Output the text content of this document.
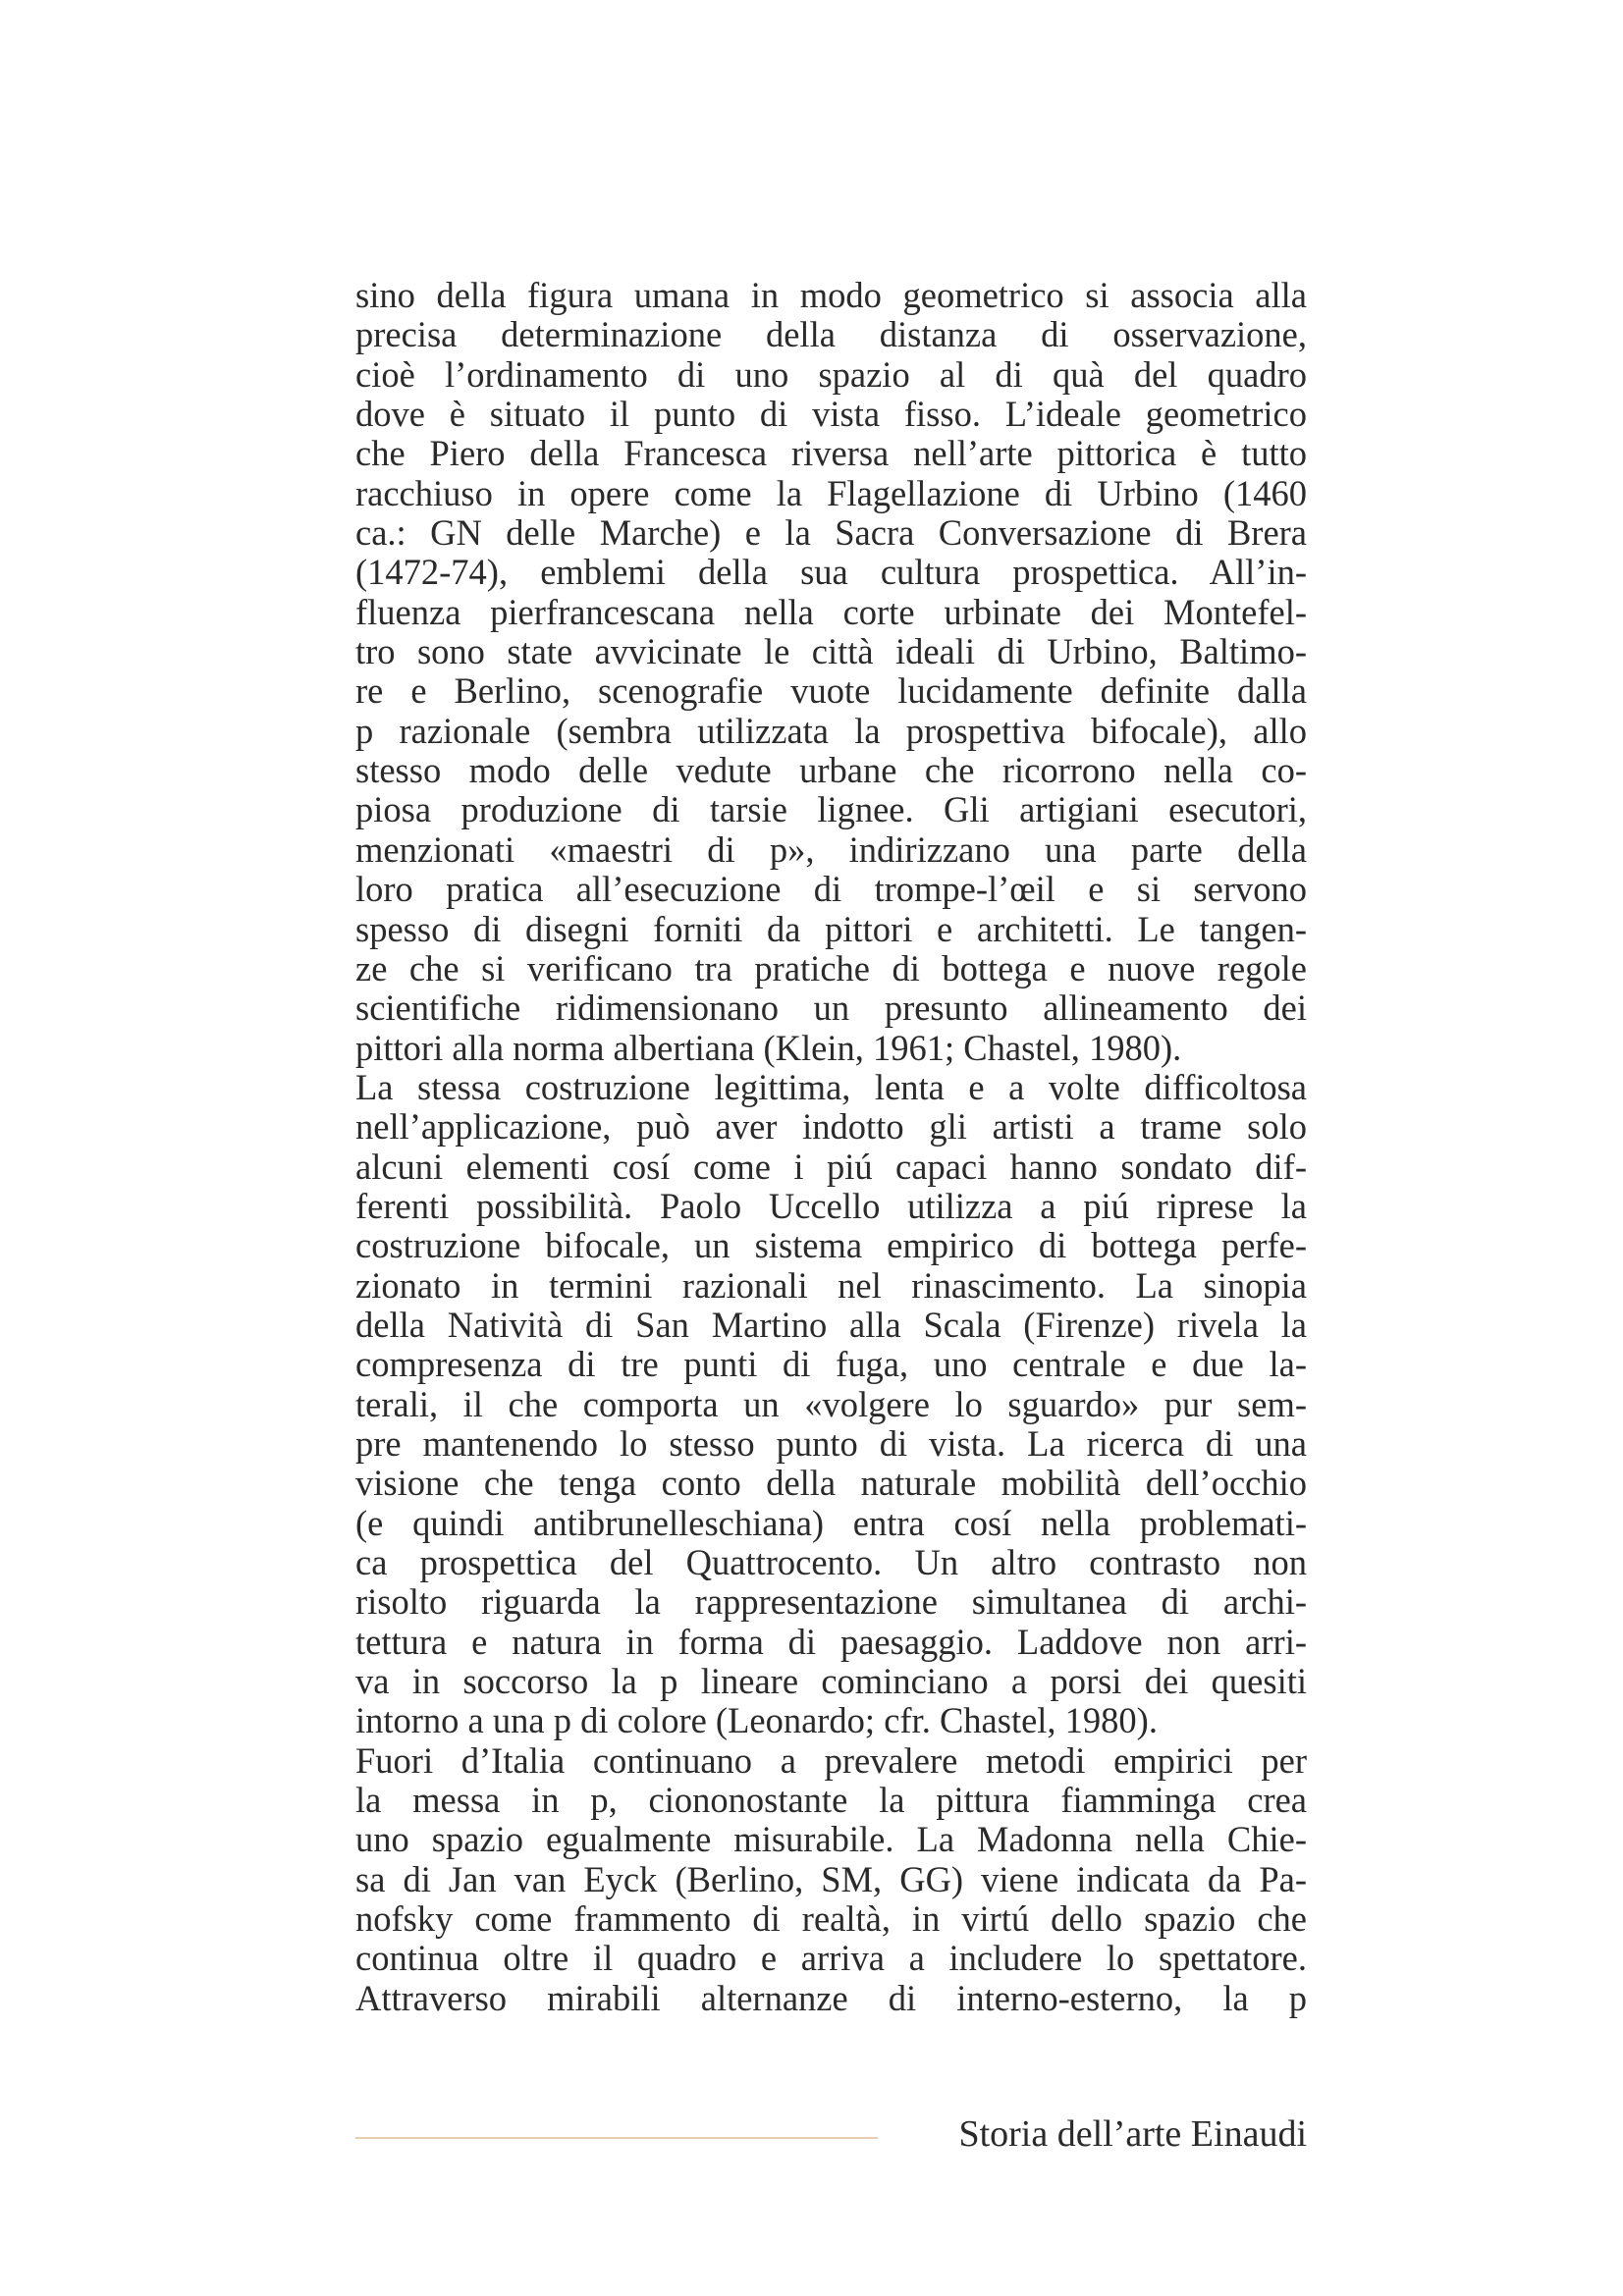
sino della figura umana in modo geometrico si associa alla
precisa determinazione della distanza di osservazione,
cioè l’ordinamento di uno spazio al di quà del quadro
dove è situato il punto di vista fisso. L’ideale geometrico
che Piero della Francesca riversa nell’arte pittorica è tutto
racchiuso in opere come la Flagellazione di Urbino (1460
ca.: GN delle Marche) e la Sacra Conversazione di Brera
(1472-74), emblemi della sua cultura prospettica. All’in-
fluenza pierfrancescana nella corte urbinate dei Montefel-
tro sono state avvicinate le città ideali di Urbino, Baltimo-
re e Berlino, scenografie vuote lucidamente definite dalla
p razionale (sembra utilizzata la prospettiva bifocale), allo
stesso modo delle vedute urbane che ricorrono nella co-
piosa produzione di tarsie lignee. Gli artigiani esecutori,
menzionati «maestri di p», indirizzano una parte della
loro pratica all’esecuzione di trompe-l’œil e si servono
spesso di disegni forniti da pittori e architetti. Le tangen-
ze che si verificano tra pratiche di bottega e nuove regole
scientifiche ridimensionano un presunto allineamento dei
pittori alla norma albertiana (Klein, 1961; Chastel, 1980).
La stessa costruzione legittima, lenta e a volte difficoltosa
nell’applicazione, può aver indotto gli artisti a trame solo
alcuni elementi cosí come i piú capaci hanno sondato dif-
ferenti possibilità. Paolo Uccello utilizza a piú riprese la
costruzione bifocale, un sistema empirico di bottega perfe-
zionato in termini razionali nel rinascimento. La sinopia
della Natività di San Martino alla Scala (Firenze) rivela la
compresenza di tre punti di fuga, uno centrale e due la-
terali, il che comporta un «volgere lo sguardo» pur sem-
pre mantenendo lo stesso punto di vista. La ricerca di una
visione che tenga conto della naturale mobilità dell’occhio
(e quindi antibrunelleschiana) entra cosí nella problemati-
ca prospettica del Quattrocento. Un altro contrasto non
risolto riguarda la rappresentazione simultanea di archi-
tettura e natura in forma di paesaggio. Laddove non arri-
va in soccorso la p lineare cominciano a porsi dei quesiti
intorno a una p di colore (Leonardo; cfr. Chastel, 1980).
Fuori d’Italia continuano a prevalere metodi empirici per
la messa in p, ciononostante la pittura fiamminga crea
uno spazio egualmente misurabile. La Madonna nella Chie-
sa di Jan van Eyck (Berlino, SM, GG) viene indicata da Pa-
nofsky come frammento di realtà, in virtú dello spazio che
continua oltre il quadro e arriva a includere lo spettatore.
Attraverso mirabili alternanze di interno-esterno, la p
Storia dell’arte Einaudi
